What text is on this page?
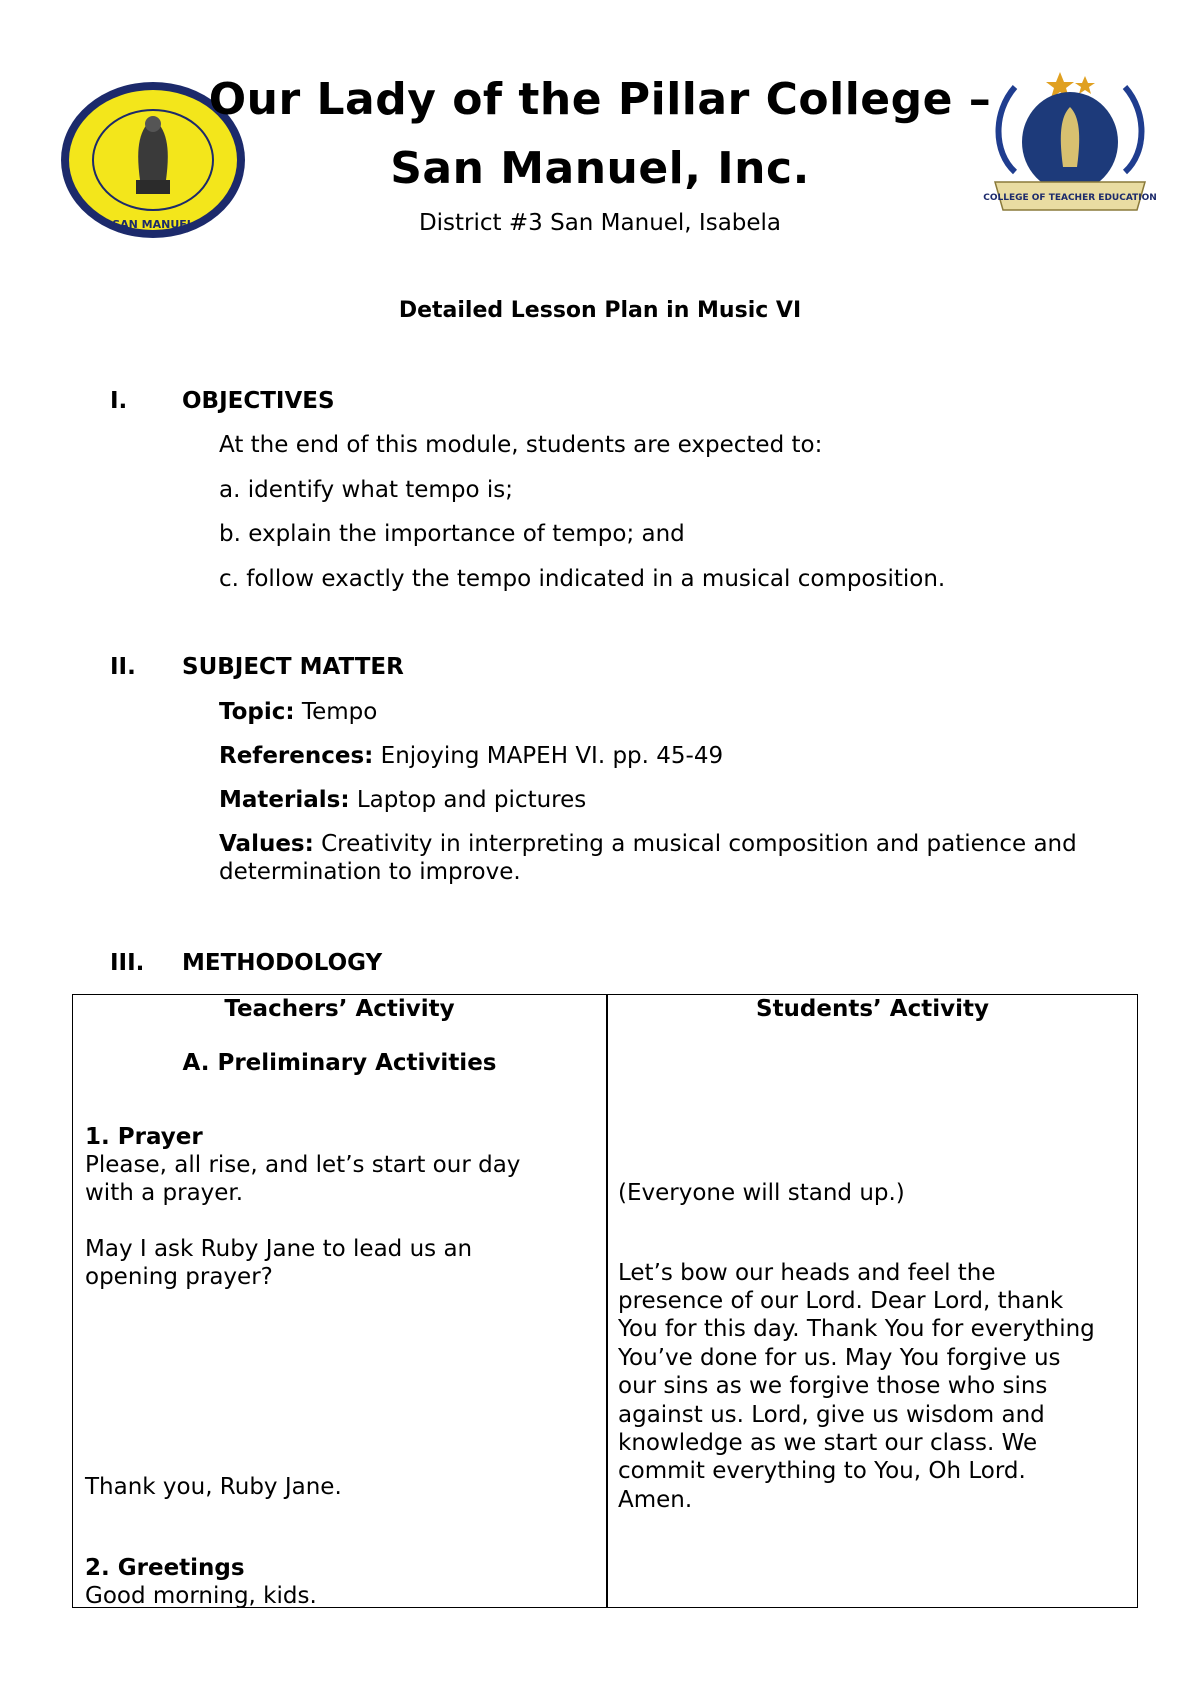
SAN MANUEL
COLLEGE OF TEACHER EDUCATION
Our Lady of the Pillar College –
San Manuel, Inc.
District #3 San Manuel, Isabela
Detailed Lesson Plan in Music VI
I. OBJECTIVES
At the end of this module, students are expected to:
a. identify what tempo is;
b. explain the importance of tempo; and
c. follow exactly the tempo indicated in a musical composition.
II. SUBJECT MATTER
Topic: Tempo
References: Enjoying MAPEH VI. pp. 45-49
Materials: Laptop and pictures
Values: Creativity in interpreting a musical composition and patience and determination to improve.
III. METHODOLOGY
Teachers’ Activity
A. Preliminary Activities
1. Prayer
Please, all rise, and let’s start our day
with a prayer.
May I ask Ruby Jane to lead us an
opening prayer?
Thank you, Ruby Jane.
2. Greetings
Good morning, kids.
Students’ Activity
(Everyone will stand up.)
Let’s bow our heads and feel the
presence of our Lord. Dear Lord, thank
You for this day. Thank You for everything
You’ve done for us. May You forgive us
our sins as we forgive those who sins
against us. Lord, give us wisdom and
knowledge as we start our class. We
commit everything to You, Oh Lord.
Amen.
